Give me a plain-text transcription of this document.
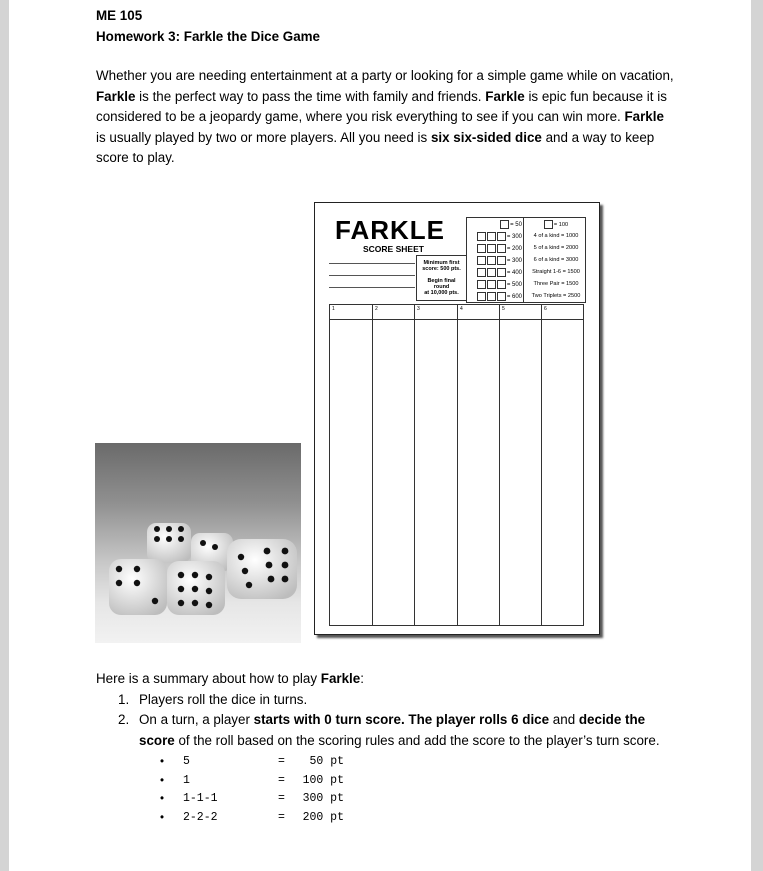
ME 105
Homework 3: Farkle the Dice Game
Whether you are needing entertainment at a party or looking for a simple game while on vacation, Farkle is the perfect way to pass the time with family and friends. Farkle is epic fun because it is considered to be a jeopardy game, where you risk everything to see if you can win more. Farkle is usually played by two or more players. All you need is six six-sided dice and a way to keep score to play.
FARKLE
SCORE SHEET
Minimum first score: 500 pts.
Begin final
round
at 10,000 pts.
= 50
= 300
= 200
= 300
= 400
= 500
= 600
= 100
4 of a kind = 1000
5 of a kind = 2000
6 of a kind = 3000
Straight 1-6 = 1500
Three Pair = 1500
Two Triplets = 2500
1	2	3	4	5	6
Here is a summary about how to play Farkle:
1. Players roll the dice in turns.
2. On a turn, a player starts with 0 turn score. The player rolls 6 dice and decide the score of the roll based on the scoring rules and add the score to the player’s turn score.
• 5	=	50 pt
• 1	= 100 pt
• 1-1-1	= 300 pt
• 2-2-2	= 200 pt
